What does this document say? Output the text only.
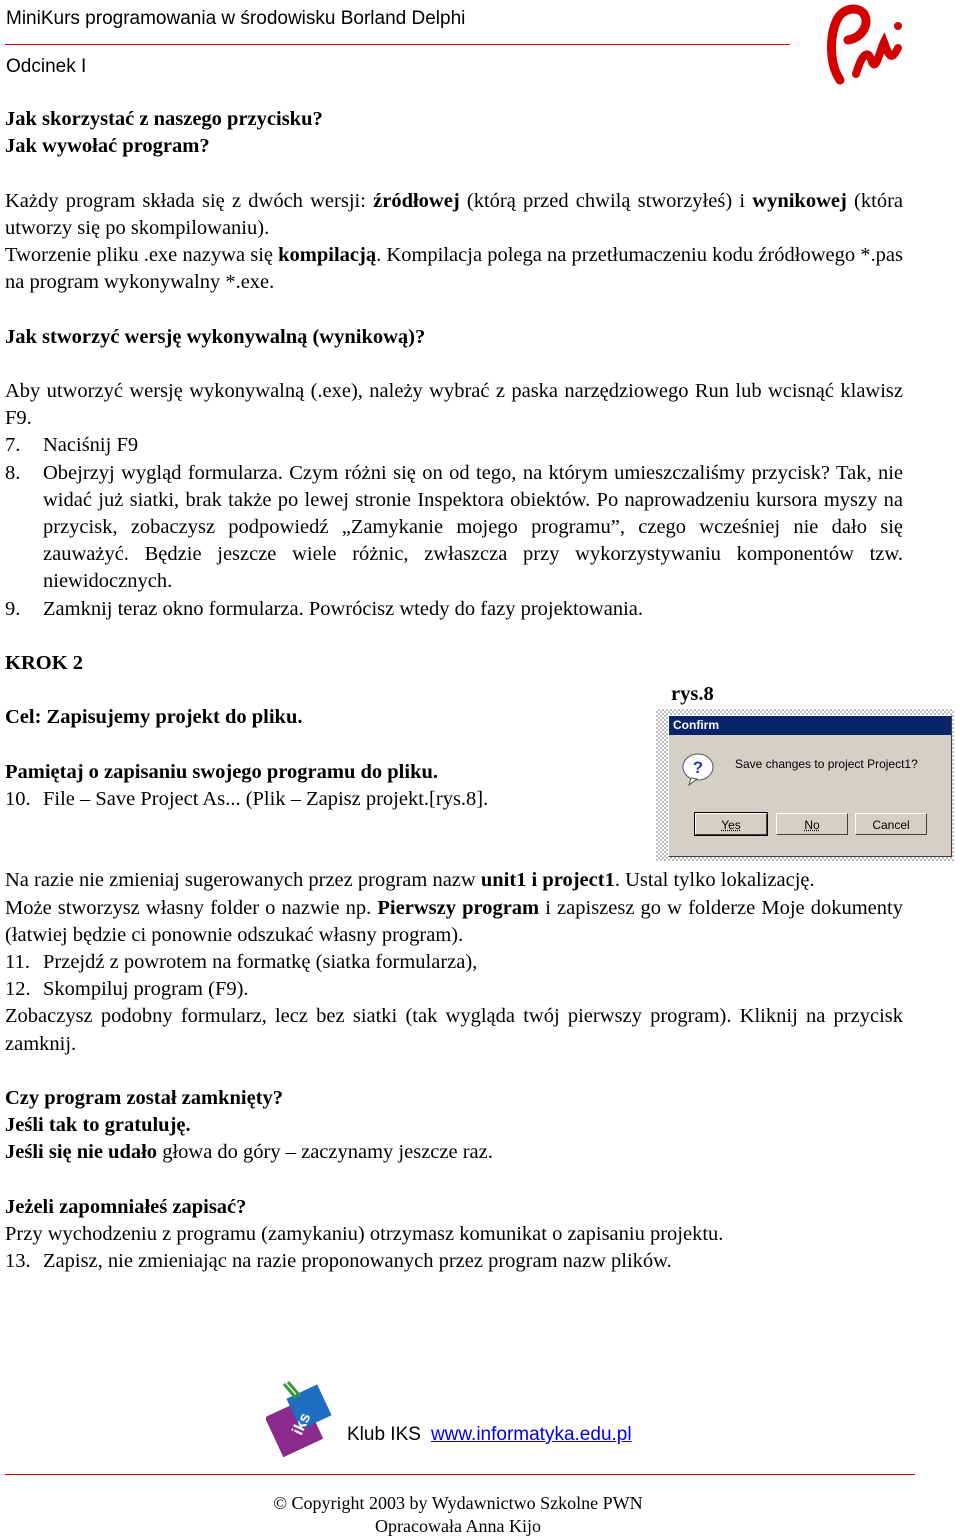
MiniKurs programowania w środowisku Borland Delphi
Odcinek I

Jak skorzystać z naszego przycisku?

Jak wywołać program?

Każdy program składa się z dwóch wersji: źródłowej (którą przed chwilą stworzyłeś) i wynikowej (która utworzy się po skompilowaniu).

Tworzenie pliku .exe nazywa się kompilacją. Kompilacja polega na przetłumaczeniu kodu źródłowego *.pas na program wykonywalny *.exe.

Jak stworzyć wersję wykonywalną (wynikową)?

Aby utworzyć wersję wykonywalną (.exe), należy wybrać z paska narzędziowego Run lub wcisnąć klawisz F9.

7.	Naciśnij F9
8.	Obejrzyj wygląd formularza. Czym różni się on od tego, na którym umieszczaliśmy przycisk? Tak, nie widać już siatki, brak także po lewej stronie Inspektora obiektów. Po naprowadzeniu kursora myszy na przycisk, zobaczysz podpowiedź „Zamykanie mojego programu”, czego wcześniej nie dało się zauważyć. Będzie jeszcze wiele różnic, zwłaszcza przy wykorzystywaniu komponentów tzw. niewidocznych.
9.	Zamknij teraz okno formularza. Powrócisz wtedy do fazy projektowania.

KROK 2

Cel: Zapisujemy projekt do pliku.

Pamiętaj o zapisaniu swojego programu do pliku.

10. File – Save Project As... (Plik – Zapisz projekt.[rys.8].

Na razie nie zmieniaj sugerowanych przez program nazw unit1 i project1. Ustal tylko lokalizację.

Może stworzysz własny folder o nazwie np. Pierwszy program i zapiszesz go w folderze Moje dokumenty (łatwiej będzie ci ponownie odszukać własny program).

11. Przejdź z powrotem na formatkę (siatka formularza),
12. Skompiluj program (F9).

Zobaczysz podobny formularz, lecz bez siatki (tak wygląda twój pierwszy program). Kliknij na przycisk zamknij.

Czy program został zamknięty?

Jeśli tak to gratuluję.

Jeśli się nie udało głowa do góry – zaczynamy jeszcze raz.

Jeżeli zapomniałeś zapisać?

Przy wychodzeniu z programu (zamykaniu) otrzymasz komunikat o zapisaniu projektu.

13. Zapisz, nie zmieniając na razie proponowanych przez program nazw plików.
rys.8
Confirm
?	Save changes to project Project1?
Yes	No	Cancel
iks Klub IKS www.informatyka.edu.pl
© Copyright 2003 by Wydawnictwo Szkolne PWN
Opracowała Anna Kijo
